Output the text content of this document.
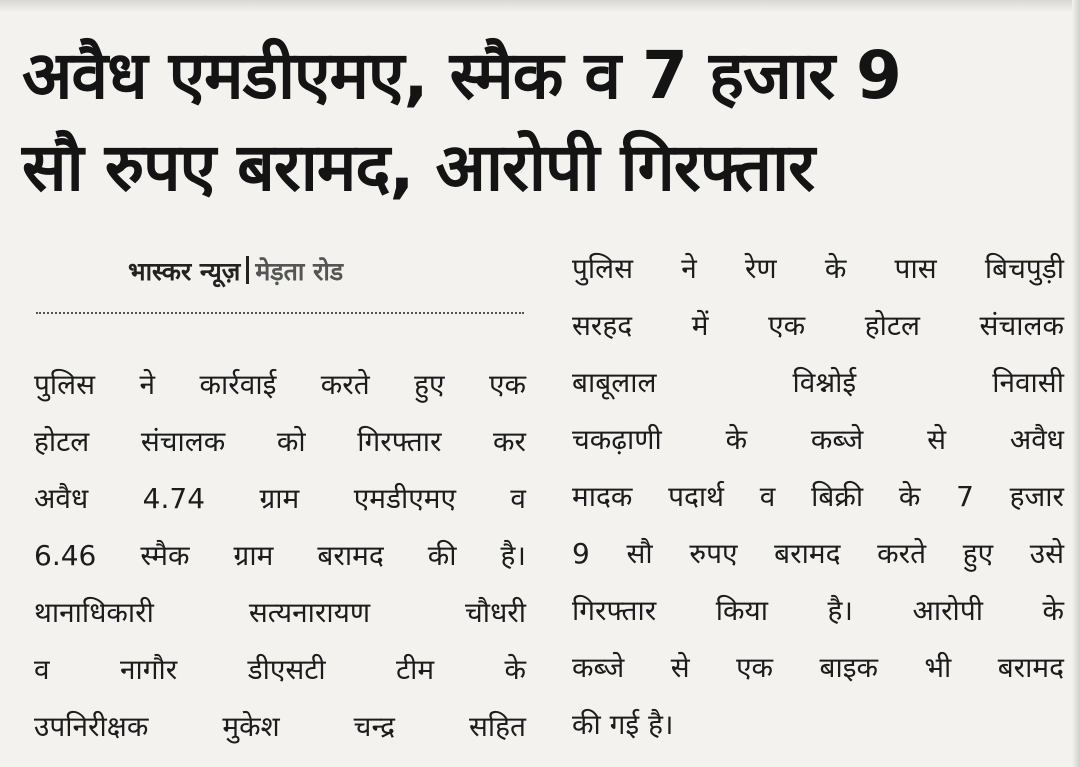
अवैध एमडीएमए, स्मैक व 7 हजार 9
सौ रुपए बरामद, आरोपी गिरफ्तार
भास्कर न्यूज़ मेड़ता रोड
पुलिस ने कार्रवाई करते हुए एक
होटल संचालक को गिरफ्तार कर
अवैध 4.74 ग्राम एमडीएमए व
6.46 स्मैक ग्राम बरामद की है।
थानाधिकारी सत्यनारायण चौधरी
व नागौर डीएसटी टीम के
उपनिरीक्षक मुकेश चन्द्र सहित
पुलिस ने रेण के पास बिचपुड़ी
सरहद में एक होटल संचालक
बाबूलाल विश्नोई निवासी
चकढ़ाणी के कब्जे से अवैध
मादक पदार्थ व बिक्री के 7 हजार
9 सौ रुपए बरामद करते हुए उसे
गिरफ्तार किया है। आरोपी के
कब्जे से एक बाइक भी बरामद
की गई है।
